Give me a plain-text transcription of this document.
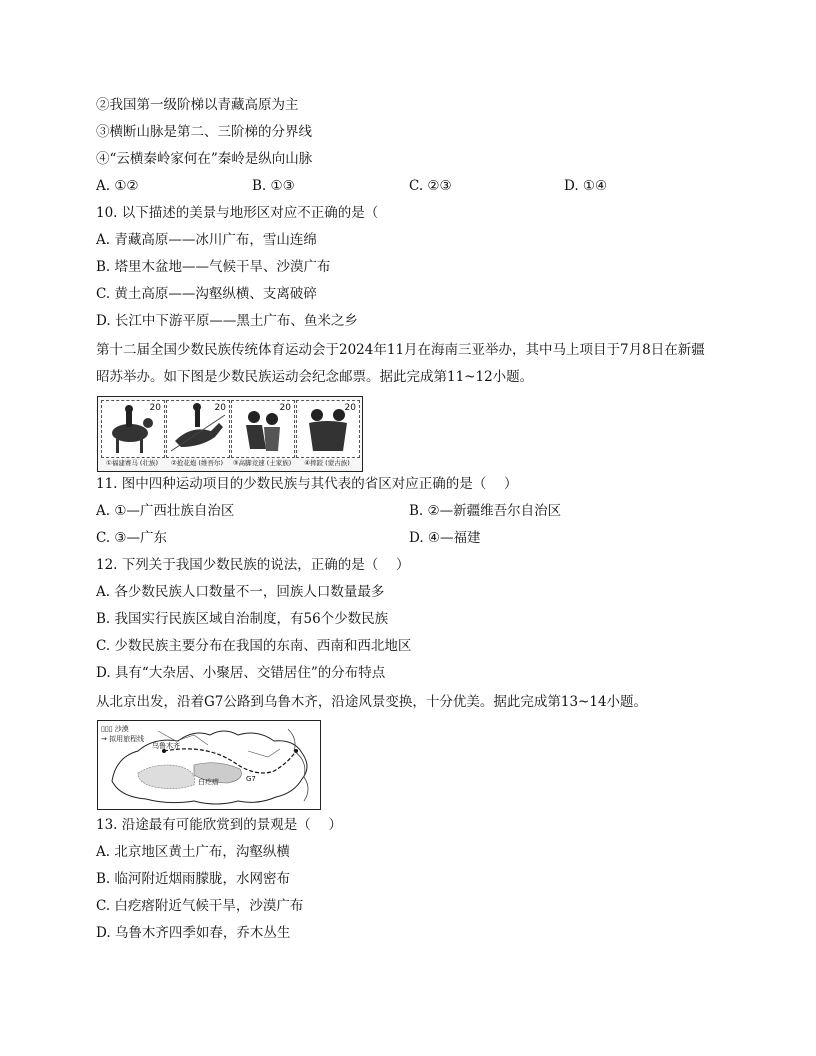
②我国第一级阶梯以青藏高原为主
③横断山脉是第二、三阶梯的分界线
④“云横秦岭家何在”秦岭是纵向山脉
A. ①②	B. ①③	C. ②③	D. ①④
10. 以下描述的美景与地形区对应不正确的是（
A. 青藏高原——冰川广布，雪山连绵
B. 塔里木盆地——气候干旱、沙漠广布
C. 黄土高原——沟壑纵横、支离破碎
D. 长江中下游平原——黑土广布、鱼米之乡
第十二届全国少数民族传统体育运动会于2024年11月在海南三亚举办，其中马上项目于7月8日在新疆
昭苏举办。如下图是少数民族运动会纪念邮票。据此完成第11~12小题。
20	20	20	20
①福建赛马 (壮族)	②抢花炮 (维吾尔)	③高脚竞速 (土家族)	④摔跤 (蒙古族)
11. 图中四种运动项目的少数民族与其代表的省区对应正确的是（　 ）
A. ①—广西壮族自治区	B. ②—新疆维吾尔自治区
C. ③—广东	D. ④—福建
12. 下列关于我国少数民族的说法，正确的是（　 ）
A. 各少数民族人口数量不一，回族人口数量最多
B. 我国实行民族区域自治制度，有56个少数民族
C. 少数民族主要分布在我国的东南、西南和西北地区
D. 具有“大杂居、小聚居、交错居住”的分布特点
从北京出发，沿着G7公路到乌鲁木齐，沿途风景变换，十分优美。据此完成第13~14小题。
▯▯▯ 沙漠
→ 拟用旅程线
乌鲁木齐
白疙瘩	G7
13. 沿途最有可能欣赏到的景观是（　 ）
A. 北京地区黄土广布，沟壑纵横
B. 临河附近烟雨朦胧，水网密布
C. 白疙瘩附近气候干旱，沙漠广布
D. 乌鲁木齐四季如春，乔木丛生
